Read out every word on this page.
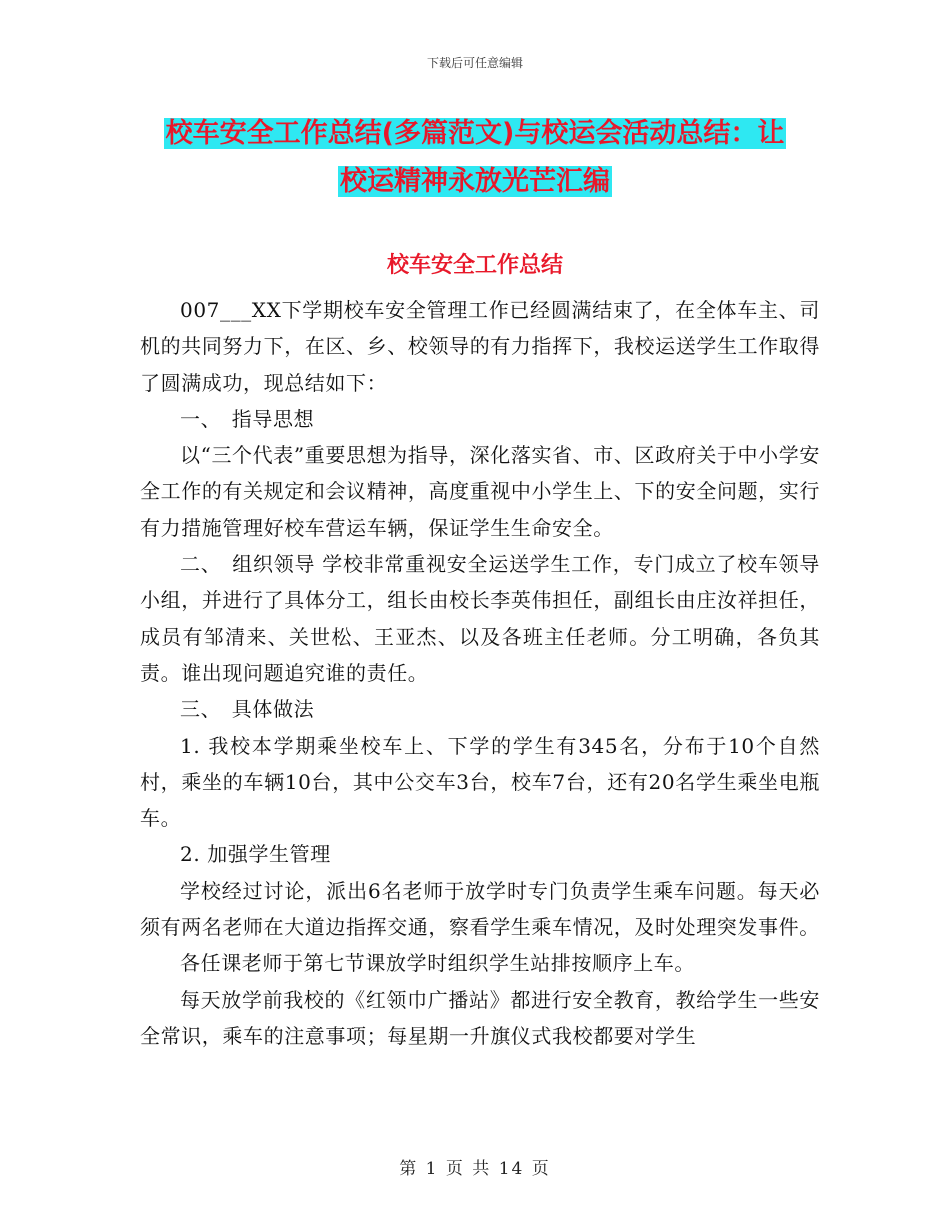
下载后可任意编辑
校车安全工作总结(多篇范文)与校运会活动总结：让
校运精神永放光芒汇编
校车安全工作总结

007___XX下学期校车安全管理工作已经圆满结束了，在全体车主、司机的共同努力下，在区、乡、校领导的有力指挥下，我校运送学生工作取得了圆满成功，现总结如下：

一、　指导思想

以“三个代表”重要思想为指导，深化落实省、市、区政府关于中小学安全工作的有关规定和会议精神，高度重视中小学生上、下的安全问题，实行有力措施管理好校车营运车辆，保证学生生命安全。

二、　组织领导 学校非常重视安全运送学生工作，专门成立了校车领导小组，并进行了具体分工，组长由校长李英伟担任，副组长由庄汝祥担任，成员有邹清来、关世松、王亚杰、以及各班主任老师。分工明确，各负其责。谁出现问题追究谁的责任。

三、　具体做法

1. 我校本学期乘坐校车上、下学的学生有345名，分布于10个自然村，乘坐的车辆10台，其中公交车3台，校车7台，还有20名学生乘坐电瓶车。

2. 加强学生管理

学校经过讨论，派出6名老师于放学时专门负责学生乘车问题。每天必须有两名老师在大道边指挥交通，察看学生乘车情况，及时处理突发事件。

各任课老师于第七节课放学时组织学生站排按顺序上车。

每天放学前我校的《红领巾广播站》都进行安全教育，教给学生一些安全常识，乘车的注意事项；每星期一升旗仪式我校都要对学生

第 1 页 共 14 页
